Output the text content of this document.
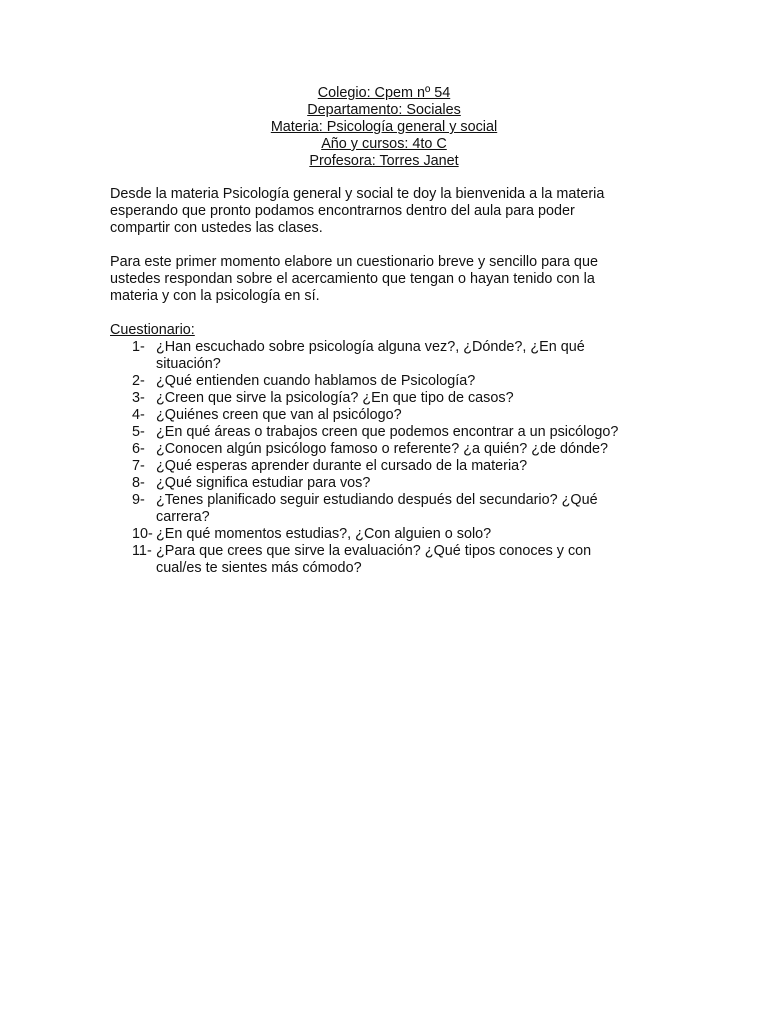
Colegio: Cpem nº 54
Departamento: Sociales
Materia: Psicología general y social
Año y cursos: 4to C
Profesora: Torres Janet
Desde la materia Psicología general y social te doy la bienvenida a la materia
esperando que pronto podamos encontrarnos dentro del aula para poder
compartir con ustedes las clases.
Para este primer momento elabore un cuestionario breve y sencillo para que
ustedes respondan sobre el acercamiento que tengan o hayan tenido con la
materia y con la psicología en sí.
Cuestionario:
1- ¿Han escuchado sobre psicología alguna vez?, ¿Dónde?, ¿En qué
situación?
2- ¿Qué entienden cuando hablamos de Psicología?
3- ¿Creen que sirve la psicología? ¿En que tipo de casos?
4- ¿Quiénes creen que van al psicólogo?
5- ¿En qué áreas o trabajos creen que podemos encontrar a un psicólogo?
6- ¿Conocen algún psicólogo famoso o referente? ¿a quién? ¿de dónde?
7- ¿Qué esperas aprender durante el cursado de la materia?
8- ¿Qué significa estudiar para vos?
9- ¿Tenes planificado seguir estudiando después del secundario? ¿Qué
carrera?
10- ¿En qué momentos estudias?, ¿Con alguien o solo?
11- ¿Para que crees que sirve la evaluación? ¿Qué tipos conoces y con
cual/es te sientes más cómodo?
